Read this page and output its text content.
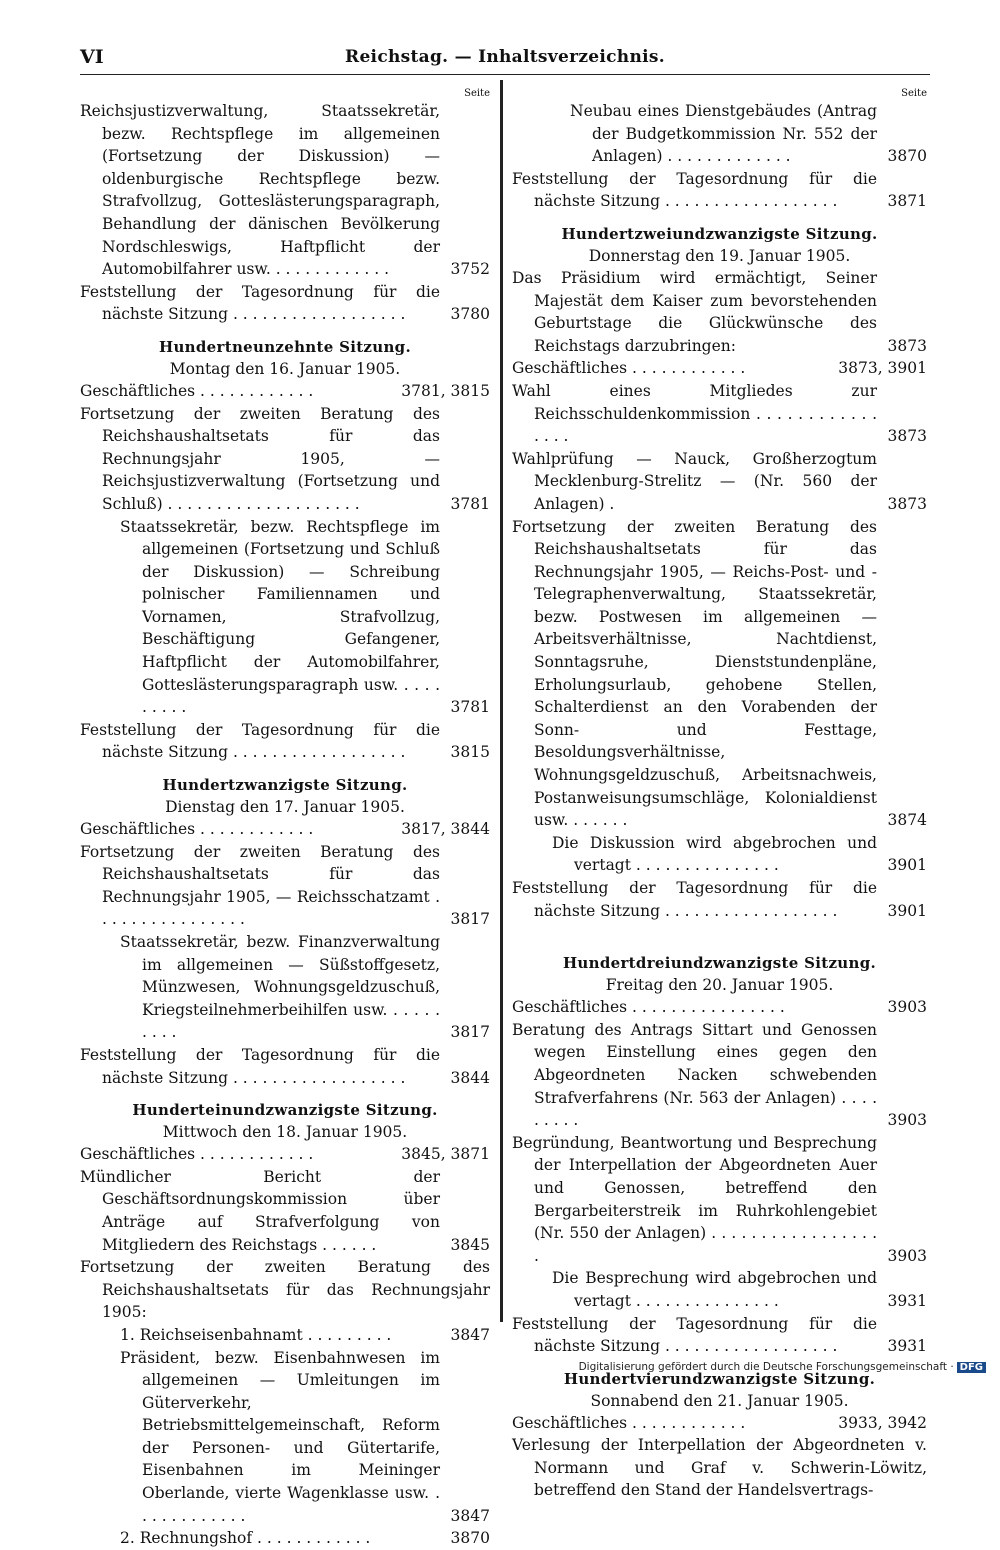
VI	Reichstag. — Inhaltsverzeichnis.
Seite
Reichsjustizverwaltung, Staatssekretär, bezw. Rechtspflege im allgemeinen (Fortsetzung der Diskussion) — oldenburgische Rechtspflege bezw. Strafvollzug, Gotteslästerungsparagraph, Behandlung der dänischen Bevölkerung Nordschleswigs, Haftpflicht der Automobilfahrer usw. . . . . . . . . . . . .	3752
Feststellung der Tagesordnung für die nächste Sitzung . . . . . . . . . . . . . . . . . .	3780
Hundertneunzehnte Sitzung.
Montag den 16. Januar 1905.
Geschäftliches . . . . . . . . . . . .	3781, 3815
Fortsetzung der zweiten Beratung des Reichshaushaltsetats für das Rechnungsjahr 1905, — Reichsjustizverwaltung (Fortsetzung und Schluß) . . . . . . . . . . . . . . . . . . . .	3781
Staatssekretär, bezw. Rechtspflege im allgemeinen (Fortsetzung und Schluß der Diskussion) — Schreibung polnischer Familiennamen und Vornamen, Strafvollzug, Beschäftigung Gefangener, Haftpflicht der Automobilfahrer, Gotteslästerungsparagraph usw. . . . . . . . . .	3781
Feststellung der Tagesordnung für die nächste Sitzung . . . . . . . . . . . . . . . . . .	3815
Hundertzwanzigste Sitzung.
Dienstag den 17. Januar 1905.
Geschäftliches . . . . . . . . . . . .	3817, 3844
Fortsetzung der zweiten Beratung des Reichshaushaltsetats für das Rechnungsjahr 1905, — Reichsschatzamt . . . . . . . . . . . . . . . .	3817
Staatssekretär, bezw. Finanzverwaltung im allgemeinen — Süßstoffgesetz, Münzwesen, Wohnungsgeldzuschuß, Kriegsteilnehmerbeihilfen usw. . . . . . . . . .	3817
Feststellung der Tagesordnung für die nächste Sitzung . . . . . . . . . . . . . . . . . .	3844
Hunderteinundzwanzigste Sitzung.
Mittwoch den 18. Januar 1905.
Geschäftliches . . . . . . . . . . . .	3845, 3871
Mündlicher Bericht der Geschäftsordnungskommission über Anträge auf Strafverfolgung von Mitgliedern des Reichstags . . . . . .	3845
Fortsetzung der zweiten Beratung des Reichshaushaltsetats für das Rechnungsjahr 1905:
1. Reichseisenbahnamt . . . . . . . . .	3847
Präsident, bezw. Eisenbahnwesen im allgemeinen — Umleitungen im Güterverkehr, Betriebsmittelgemeinschaft, Reform der Personen- und Gütertarife, Eisenbahnen im Meininger Oberlande, vierte Wagenklasse usw. . . . . . . . . . . . .	3847
2. Rechnungshof . . . . . . . . . . . .	3870
Seite
Neubau eines Dienstgebäudes (Antrag der Budgetkommission Nr. 552 der Anlagen) . . . . . . . . . . . . .	3870
Feststellung der Tagesordnung für die nächste Sitzung . . . . . . . . . . . . . . . . . .	3871
Hundertzweiundzwanzigste Sitzung.
Donnerstag den 19. Januar 1905.
Das Präsidium wird ermächtigt, Seiner Majestät dem Kaiser zum bevorstehenden Geburtstage die Glückwünsche des Reichstags darzubringen:	3873
Geschäftliches . . . . . . . . . . . .	3873, 3901
Wahl eines Mitgliedes zur Reichsschuldenkommission . . . . . . . . . . . . . . . .	3873
Wahlprüfung — Nauck, Großherzogtum Mecklenburg-Strelitz — (Nr. 560 der Anlagen) .	3873
Fortsetzung der zweiten Beratung des Reichshaushaltsetats für das Rechnungsjahr 1905, — Reichs-Post- und -Telegraphenverwaltung, Staatssekretär, bezw. Postwesen im allgemeinen — Arbeitsverhältnisse, Nachtdienst, Sonntagsruhe, Dienststundenpläne, Erholungsurlaub, gehobene Stellen, Schalterdienst an den Vorabenden der Sonn- und Festtage, Besoldungsverhältnisse, Wohnungsgeldzuschuß, Arbeitsnachweis, Postanweisungsumschläge, Kolonialdienst usw. . . . . . .	3874
Die Diskussion wird abgebrochen und vertagt . . . . . . . . . . . . . . .	3901
Feststellung der Tagesordnung für die nächste Sitzung . . . . . . . . . . . . . . . . . .	3901
Hundertdreiundzwanzigste Sitzung.
Freitag den 20. Januar 1905.
Geschäftliches . . . . . . . . . . . . . . . .	3903
Beratung des Antrags Sittart und Genossen wegen Einstellung eines gegen den Abgeordneten Nacken schwebenden Strafverfahrens (Nr. 563 der Anlagen) . . . . . . . . .	3903
Begründung, Beantwortung und Besprechung der Interpellation der Abgeordneten Auer und Genossen, betreffend den Bergarbeiterstreik im Ruhrkohlengebiet (Nr. 550 der Anlagen) . . . . . . . . . . . . . . . . . .	3903
Die Besprechung wird abgebrochen und vertagt . . . . . . . . . . . . . . .	3931
Feststellung der Tagesordnung für die nächste Sitzung . . . . . . . . . . . . . . . . . .	3931
Hundertvierundzwanzigste Sitzung.
Sonnabend den 21. Januar 1905.
Geschäftliches . . . . . . . . . . . .	3933, 3942
Verlesung der Interpellation der Abgeordneten v. Normann und Graf v. Schwerin-Löwitz, betreffend den Stand der Handelsvertrags-
Digitalisierung gefördert durch die Deutsche Forschungsgemeinschaft · DFG
